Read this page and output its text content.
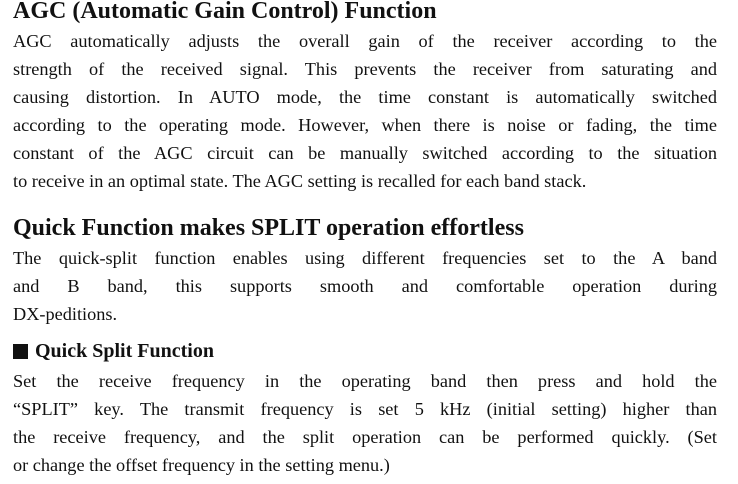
AGC (Automatic Gain Control) Function
AGC automatically adjusts the overall gain of the receiver according to the
strength of the received signal. This prevents the receiver from saturating and
causing distortion. In AUTO mode, the time constant is automatically switched
according to the operating mode. However, when there is noise or fading, the time
constant of the AGC circuit can be manually switched according to the situation
to receive in an optimal state. The AGC setting is recalled for each band stack.
Quick Function makes SPLIT operation effortless
The quick-split function enables using different frequencies set to the A band
and B band, this supports smooth and comfortable operation during
DX-peditions.
Quick Split Function
Set the receive frequency in the operating band then press and hold the
“SPLIT” key. The transmit frequency is set 5 kHz (initial setting) higher than
the receive frequency, and the split operation can be performed quickly. (Set
or change the offset frequency in the setting menu.)
